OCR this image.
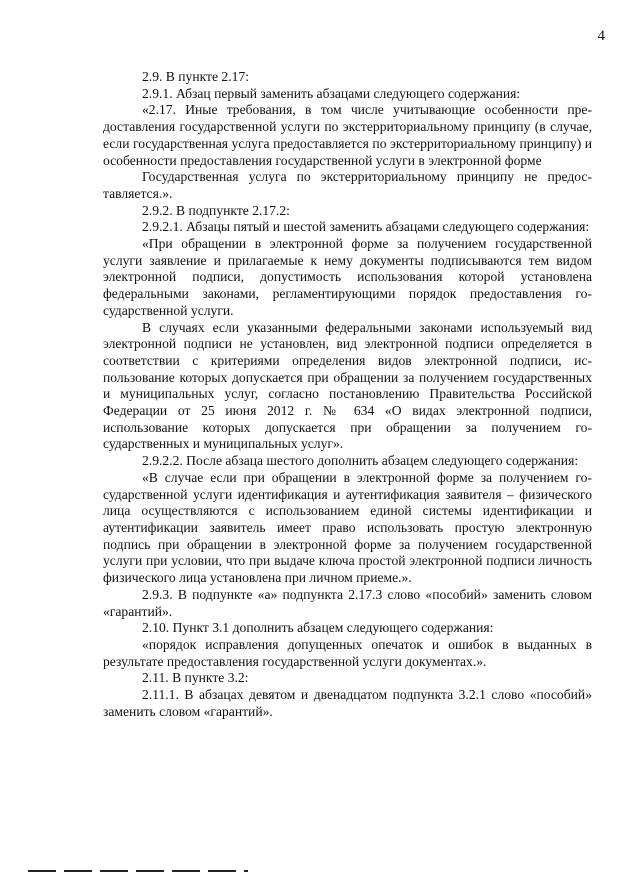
4

2.9. В пункте 2.17:

2.9.1. Абзац первый заменить абзацами следующего содержания:

«2.17. Иные требования, в том числе учитывающие особенности предоставления государственной услуги по экстерриториальному принципу (в случае, если государственная услуга предоставляется по экстерриториальному принципу) и особенности предоставления государственной услуги в электронной форме

Государственная услуга по экстерриториальному принципу не предоставляется.».

2.9.2. В подпункте 2.17.2:

2.9.2.1. Абзацы пятый и шестой заменить абзацами следующего содержания:

«При обращении в электронной форме за получением государственной услуги заявление и прилагаемые к нему документы подписываются тем видом электронной подписи, допустимость использования которой установлена федеральными законами, регламентирующими порядок предоставления государственной услуги.

В случаях если указанными федеральными законами используемый вид электронной подписи не установлен, вид электронной подписи определяется в соответствии с критериями определения видов электронной подписи, использование которых допускается при обращении за получением государственных и муниципальных услуг, согласно постановлению Правительства Российской Федерации от 25 июня 2012 г. № 634 «О видах электронной подписи, использование которых допускается при обращении за получением государственных и муниципальных услуг».

2.9.2.2. После абзаца шестого дополнить абзацем следующего содержания:

«В случае если при обращении в электронной форме за получением государственной услуги идентификация и аутентификация заявителя – физического лица осуществляются с использованием единой системы идентификации и аутентификации заявитель имеет право использовать простую электронную подпись при обращении в электронной форме за получением государственной услуги при условии, что при выдаче ключа простой электронной подписи личность физического лица установлена при личном приеме.».

2.9.3. В подпункте «а» подпункта 2.17.3 слово «пособий» заменить словом «гарантий».

2.10. Пункт 3.1 дополнить абзацем следующего содержания:

«порядок исправления допущенных опечаток и ошибок в выданных в результате предоставления государственной услуги документах.».

2.11. В пункте 3.2:

2.11.1. В абзацах девятом и двенадцатом подпункта 3.2.1 слово «пособий» заменить словом «гарантий».
